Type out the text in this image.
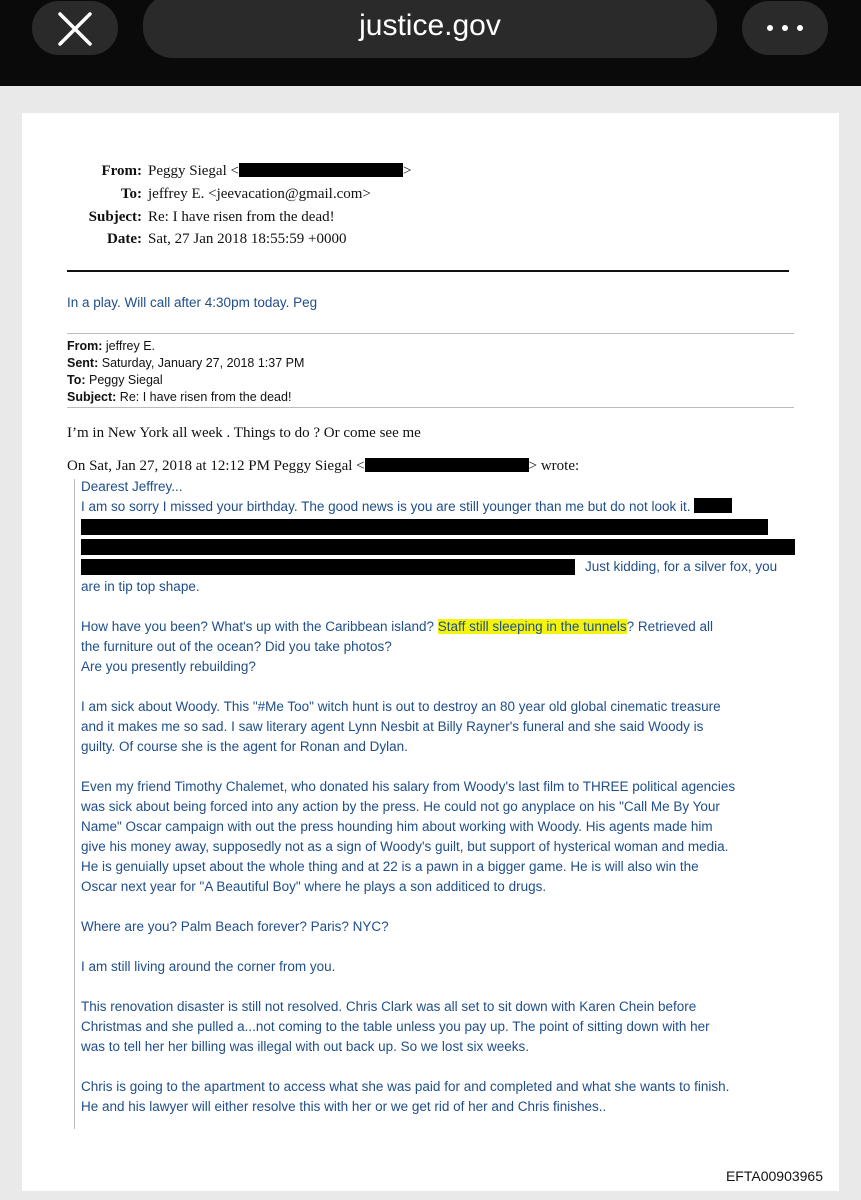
justice.gov
From: Peggy Siegal <	>
To: jeffrey E. <jeevacation@gmail.com>
Subject: Re: I have risen from the dead!
Date: Sat, 27 Jan 2018 18:55:59 +0000
In a play. Will call after 4:30pm today. Peg
From: jeffrey E.
Sent: Saturday, January 27, 2018 1:37 PM
To: Peggy Siegal
Subject: Re: I have risen from the dead!
I’m in New York all week . Things to do ? Or come see me
On Sat, Jan 27, 2018 at 12:12 PM Peggy Siegal <	> wrote:
Dearest Jeffrey...
I am so sorry I missed your birthday. The good news is you are still younger than me but do not look it.
Just kidding, for a silver fox, you
are in tip top shape.
How have you been? What's up with the Caribbean island? Staff still sleeping in the tunnels? Retrieved all
the furniture out of the ocean? Did you take photos?
Are you presently rebuilding?
I am sick about Woody. This "#Me Too" witch hunt is out to destroy an 80 year old global cinematic treasure
and it makes me so sad. I saw literary agent Lynn Nesbit at Billy Rayner's funeral and she said Woody is
guilty. Of course she is the agent for Ronan and Dylan.
Even my friend Timothy Chalemet, who donated his salary from Woody's last film to THREE political agencies
was sick about being forced into any action by the press. He could not go anyplace on his "Call Me By Your
Name" Oscar campaign with out the press hounding him about working with Woody. His agents made him
give his money away, supposedly not as a sign of Woody's guilt, but support of hysterical woman and media.
He is genuially upset about the whole thing and at 22 is a pawn in a bigger game. He is will also win the
Oscar next year for "A Beautiful Boy" where he plays a son additiced to drugs.
Where are you? Palm Beach forever? Paris? NYC?
I am still living around the corner from you.
This renovation disaster is still not resolved. Chris Clark was all set to sit down with Karen Chein before
Christmas and she pulled a...not coming to the table unless you pay up. The point of sitting down with her
was to tell her her billing was illegal with out back up. So we lost six weeks.
Chris is going to the apartment to access what she was paid for and completed and what she wants to finish.
He and his lawyer will either resolve this with her or we get rid of her and Chris finishes..
EFTA00903965
